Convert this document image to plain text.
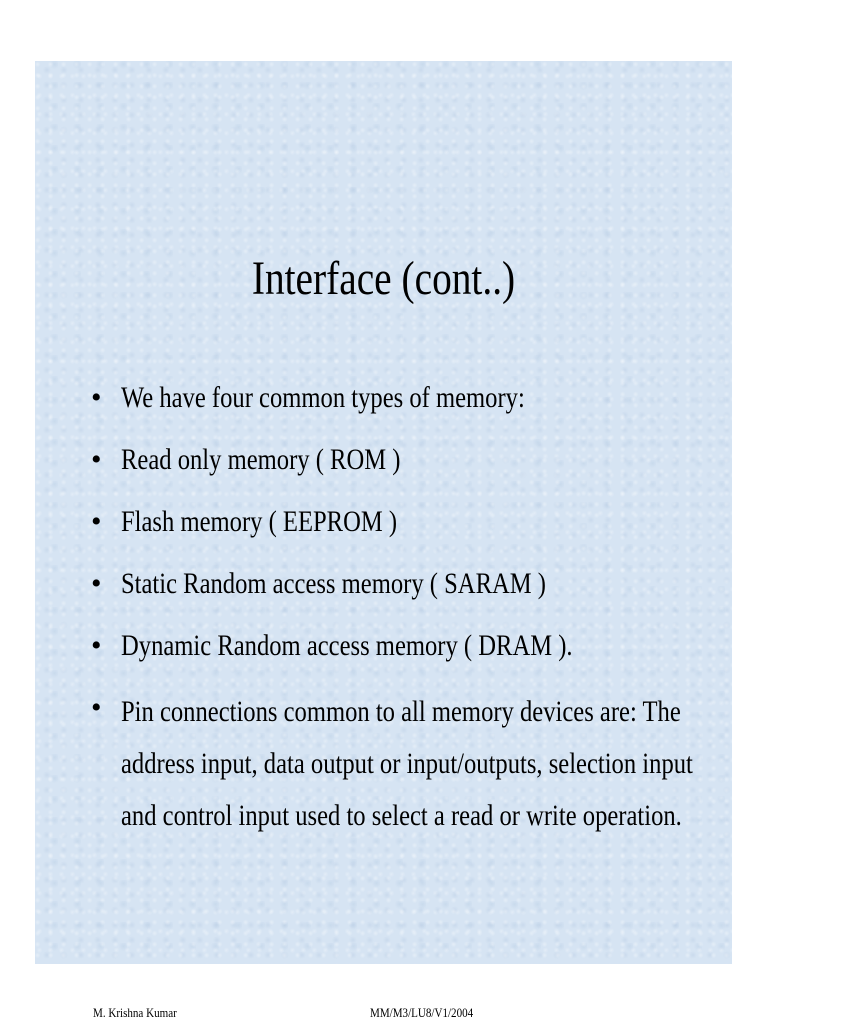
Interface (cont..)
• We have four common types of memory:
• Read only memory ( ROM )
• Flash memory ( EEPROM )
• Static Random access memory ( SARAM )
• Dynamic Random access memory ( DRAM ).
• Pin connections common to all memory devices are: The address input, data output or input/outputs, selection input and control input used to select a read or write operation.
M. Krishna Kumar	MM/M3/LU8/V1/2004
